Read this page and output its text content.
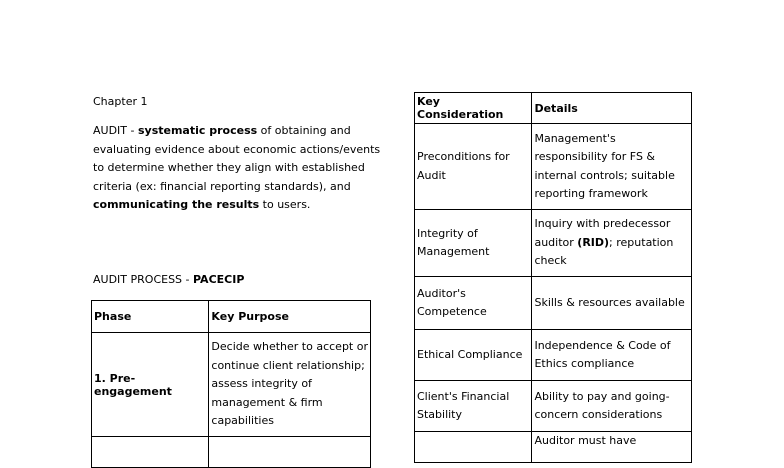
Chapter 1
AUDIT - systematic process of obtaining and evaluating evidence about economic actions/events to determine whether they align with established criteria (ex: financial reporting standards), and communicating the results to users.
AUDIT PROCESS - PACECIP
Phase	Key Purpose
1. Pre-engagement	Decide whether to accept or continue client relationship; assess integrity of management & firm capabilities

Key Consideration	Details
Preconditions for Audit	Management's responsibility for FS & internal controls; suitable reporting framework
Integrity of Management	Inquiry with predecessor auditor (RID); reputation check
Auditor's Competence	Skills & resources available
Ethical Compliance	Independence & Code of Ethics compliance
Client's Financial Stability	Ability to pay and going-concern considerations
	Auditor must have
